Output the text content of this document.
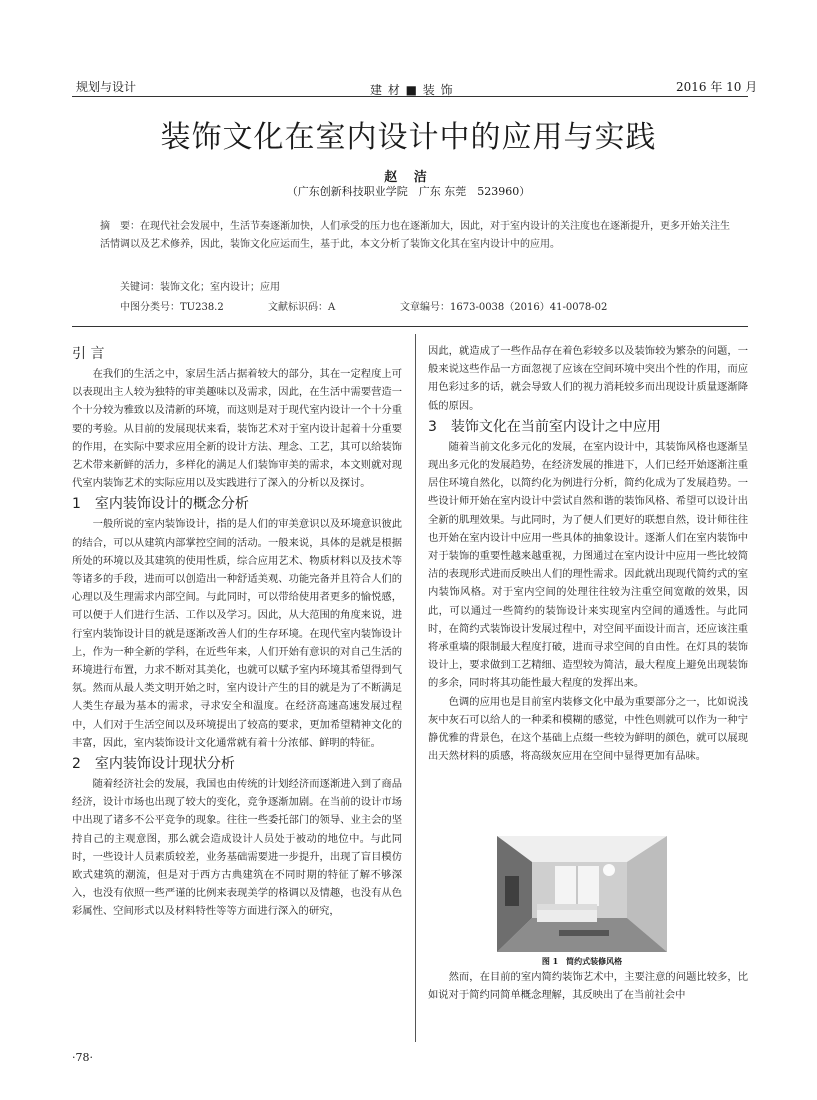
规划与设计	建 材 ■ 装 饰	2016 年 10 月
装饰文化在室内设计中的应用与实践
赵 洁
（广东创新科技职业学院　广东 东莞　523960）
摘　要：在现代社会发展中，生活节奏逐渐加快，人们承受的压力也在逐渐加大，因此，对于室内设计的关注度也在逐渐提升，更多开始关注生活情调以及艺术修养，因此，装饰文化应运而生，基于此，本文分析了装饰文化其在室内设计中的应用。
关键词：装饰文化；室内设计；应用
中图分类号：TU238.2	文献标识码：A	文章编号：1673-0038（2016）41-0078-02
引 言

在我们的生活之中，家居生活占据着较大的部分，其在一定程度上可以表现出主人较为独特的审美趣味以及需求，因此，在生活中需要营造一个十分较为雅致以及清新的环境，而这则是对于现代室内设计一个十分重要的考验。从目前的发展现状来看，装饰艺术对于室内设计起着十分重要的作用，在实际中要求应用全新的设计方法、理念、工艺，其可以给装饰艺术带来新鲜的活力，多样化的满足人们装饰审美的需求，本文则就对现代室内装饰艺术的实际应用以及实践进行了深入的分析以及探讨。

1　室内装饰设计的概念分析

一般所说的室内装饰设计，指的是人们的审美意识以及环境意识彼此的结合，可以从建筑内部掌控空间的活动。一般来说，具体的是就是根据所处的环境以及其建筑的使用性质，综合应用艺术、物质材料以及技术等等诸多的手段，进而可以创造出一种舒适美观、功能完备并且符合人们的心理以及生理需求内部空间。与此同时，可以带给使用者更多的愉悦感，可以便于人们进行生活、工作以及学习。因此，从大范围的角度来说，进行室内装饰设计目的就是逐渐改善人们的生存环境。在现代室内装饰设计上，作为一种全新的学科，在近些年来，人们开始有意识的对自己生活的环境进行布置，力求不断对其美化，也就可以赋予室内环境其希望得到气氛。然而从最人类文明开始之时，室内设计产生的目的就是为了不断满足人类生存最为基本的需求，寻求安全和温度。在经济高速高速发展过程中，人们对于生活空间以及环境提出了较高的要求，更加希望精神文化的丰富，因此，室内装饰设计文化通常就有着十分浓郁、鲜明的特征。

2　室内装饰设计现状分析

随着经济社会的发展，我国也由传统的计划经济而逐渐进入到了商品经济，设计市场也出现了较大的变化，竞争逐渐加剧。在当前的设计市场中出现了诸多不公平竞争的现象。往往一些委托部门的领导、业主会的坚持自己的主观意图，那么就会造成设计人员处于被动的地位中。与此同时，一些设计人员素质较差，业务基础需要进一步提升，出现了盲目模仿欧式建筑的潮流，但是对于西方古典建筑在不同时期的特征了解不够深入，也没有依照一些严谨的比例来表现美学的格调以及情趣，也没有从色彩属性、空间形式以及材料特性等等方面进行深入的研究，

因此，就造成了一些作品存在着色彩较多以及装饰较为繁杂的问题，一般来说这些作品一方面忽视了应该在空间环境中突出个性的作用，而应用色彩过多的话，就会导致人们的视力消耗较多而出现设计质量逐渐降低的原因。

3　装饰文化在当前室内设计之中应用

随着当前文化多元化的发展，在室内设计中，其装饰风格也逐渐呈现出多元化的发展趋势，在经济发展的推进下，人们已经开始逐渐注重居住环境自然化，以简约化为例进行分析，简约化成为了发展趋势。一些设计师开始在室内设计中尝试自然和谐的装饰风格、希望可以设计出全新的肌理效果。与此同时，为了便人们更好的联想自然，设计师往往也开始在室内设计中应用一些具体的抽象设计。逐渐人们在室内装饰中对于装饰的重要性越来越重视，力图通过在室内设计中应用一些比较简洁的表现形式进而反映出人们的理性需求。因此就出现现代简约式的室内装饰风格。对于室内空间的处理往往较为注重空间宽敞的效果，因此，可以通过一些简约的装饰设计来实现室内空间的通透性。与此同时，在简约式装饰设计发展过程中，对空间平面设计而言，还应该注重将承重墙的限制最大程度打破，进而寻求空间的自由性。在灯具的装饰设计上，要求做到工艺精细、造型较为简洁，最大程度上避免出现装饰的多余，同时将其功能性最大程度的发挥出来。

色调的应用也是目前室内装修文化中最为重要部分之一，比如说浅灰中灰石可以给人的一种柔和模糊的感觉，中性色则就可以作为一种宁静优雅的背景色，在这个基础上点缀一些较为鲜明的颜色，就可以展现出天然材料的质感，将高级灰应用在空间中显得更加有品味。

图 1　简约式装修风格

然而，在目前的室内简约装饰艺术中，主要注意的问题比较多，比如说对于简约同简单概念理解，其反映出了在当前社会中

·78·
